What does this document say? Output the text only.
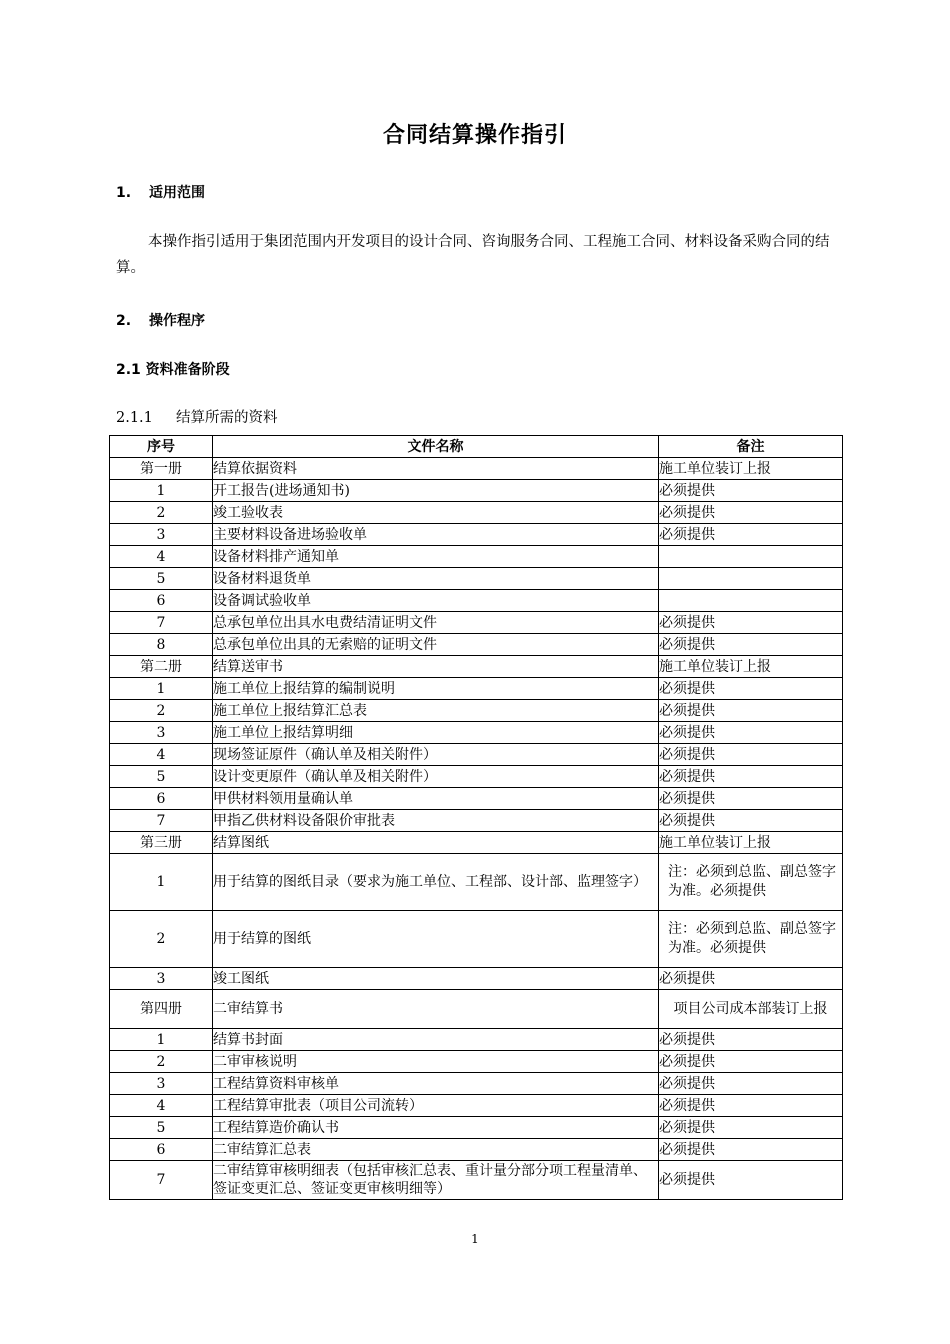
合同结算操作指引
1. 适用范围
本操作指引适用于集团范围内开发项目的设计合同、咨询服务合同、工程施工合同、材料设备采购合同的结算。
2. 操作程序
2.1 资料准备阶段
2.1.1 结算所需的资料
序号	文件名称	备注
第一册	结算依据资料	施工单位装订上报
1	开工报告(进场通知书)	必须提供
2	竣工验收表	必须提供
3	主要材料设备进场验收单	必须提供
4	设备材料排产通知单	
5	设备材料退货单	
6	设备调试验收单	
7	总承包单位出具水电费结清证明文件	必须提供
8	总承包单位出具的无索赔的证明文件	必须提供
第二册	结算送审书	施工单位装订上报
1	施工单位上报结算的编制说明	必须提供
2	施工单位上报结算汇总表	必须提供
3	施工单位上报结算明细	必须提供
4	现场签证原件（确认单及相关附件）	必须提供
5	设计变更原件（确认单及相关附件）	必须提供
6	甲供材料领用量确认单	必须提供
7	甲指乙供材料设备限价审批表	必须提供
第三册	结算图纸	施工单位装订上报
1	用于结算的图纸目录（要求为施工单位、工程部、设计部、监理签字）	注：必须到总监、副总签字为准。必须提供
2	用于结算的图纸	注：必须到总监、副总签字为准。必须提供
3	竣工图纸	必须提供
第四册	二审结算书	项目公司成本部装订上报
1	结算书封面	必须提供
2	二审审核说明	必须提供
3	工程结算资料审核单	必须提供
4	工程结算审批表（项目公司流转）	必须提供
5	工程结算造价确认书	必须提供
6	二审结算汇总表	必须提供
7	二审结算审核明细表（包括审核汇总表、重计量分部分项工程量清单、签证变更汇总、签证变更审核明细等）	必须提供
1
